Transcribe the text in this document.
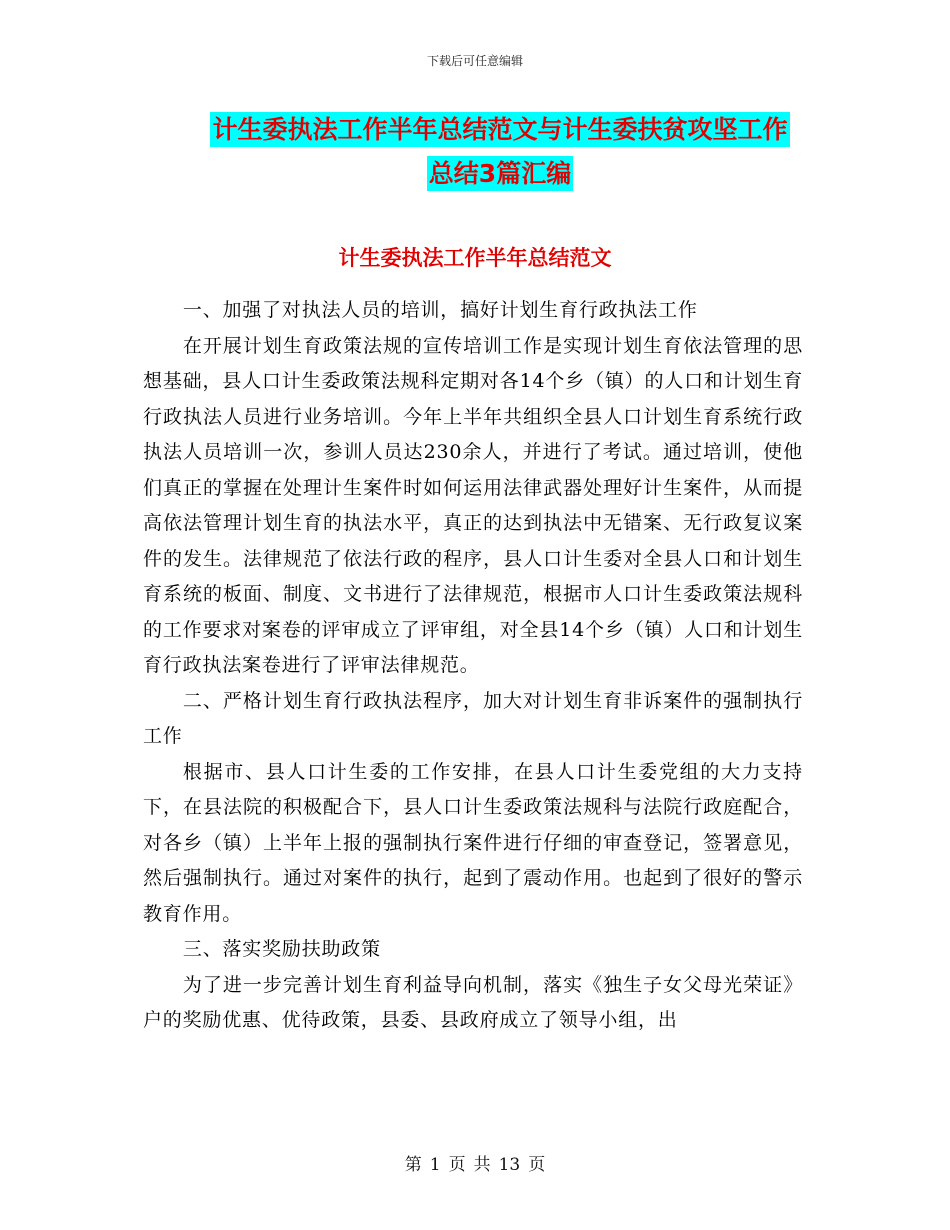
下载后可任意编辑
计生委执法工作半年总结范文与计生委扶贫攻坚工作
总结3篇汇编
计生委执法工作半年总结范文

一、加强了对执法人员的培训，搞好计划生育行政执法工作

在开展计划生育政策法规的宣传培训工作是实现计划生育依法管理的思想基础，县人口计生委政策法规科定期对各14个乡（镇）的人口和计划生育行政执法人员进行业务培训。今年上半年共组织全县人口计划生育系统行政执法人员培训一次，参训人员达230余人，并进行了考试。通过培训，使他们真正的掌握在处理计生案件时如何运用法律武器处理好计生案件，从而提高依法管理计划生育的执法水平，真正的达到执法中无错案、无行政复议案件的发生。法律规范了依法行政的程序，县人口计生委对全县人口和计划生育系统的板面、制度、文书进行了法律规范，根据市人口计生委政策法规科的工作要求对案卷的评审成立了评审组，对全县14个乡（镇）人口和计划生育行政执法案卷进行了评审法律规范。

二、严格计划生育行政执法程序，加大对计划生育非诉案件的强制执行工作

根据市、县人口计生委的工作安排，在县人口计生委党组的大力支持下，在县法院的积极配合下，县人口计生委政策法规科与法院行政庭配合，对各乡（镇）上半年上报的强制执行案件进行仔细的审查登记，签署意见，然后强制执行。通过对案件的执行，起到了震动作用。也起到了很好的警示教育作用。

三、落实奖励扶助政策

为了进一步完善计划生育利益导向机制，落实《独生子女父母光荣证》户的奖励优惠、优待政策，县委、县政府成立了领导小组，出

第 1 页 共 13 页
